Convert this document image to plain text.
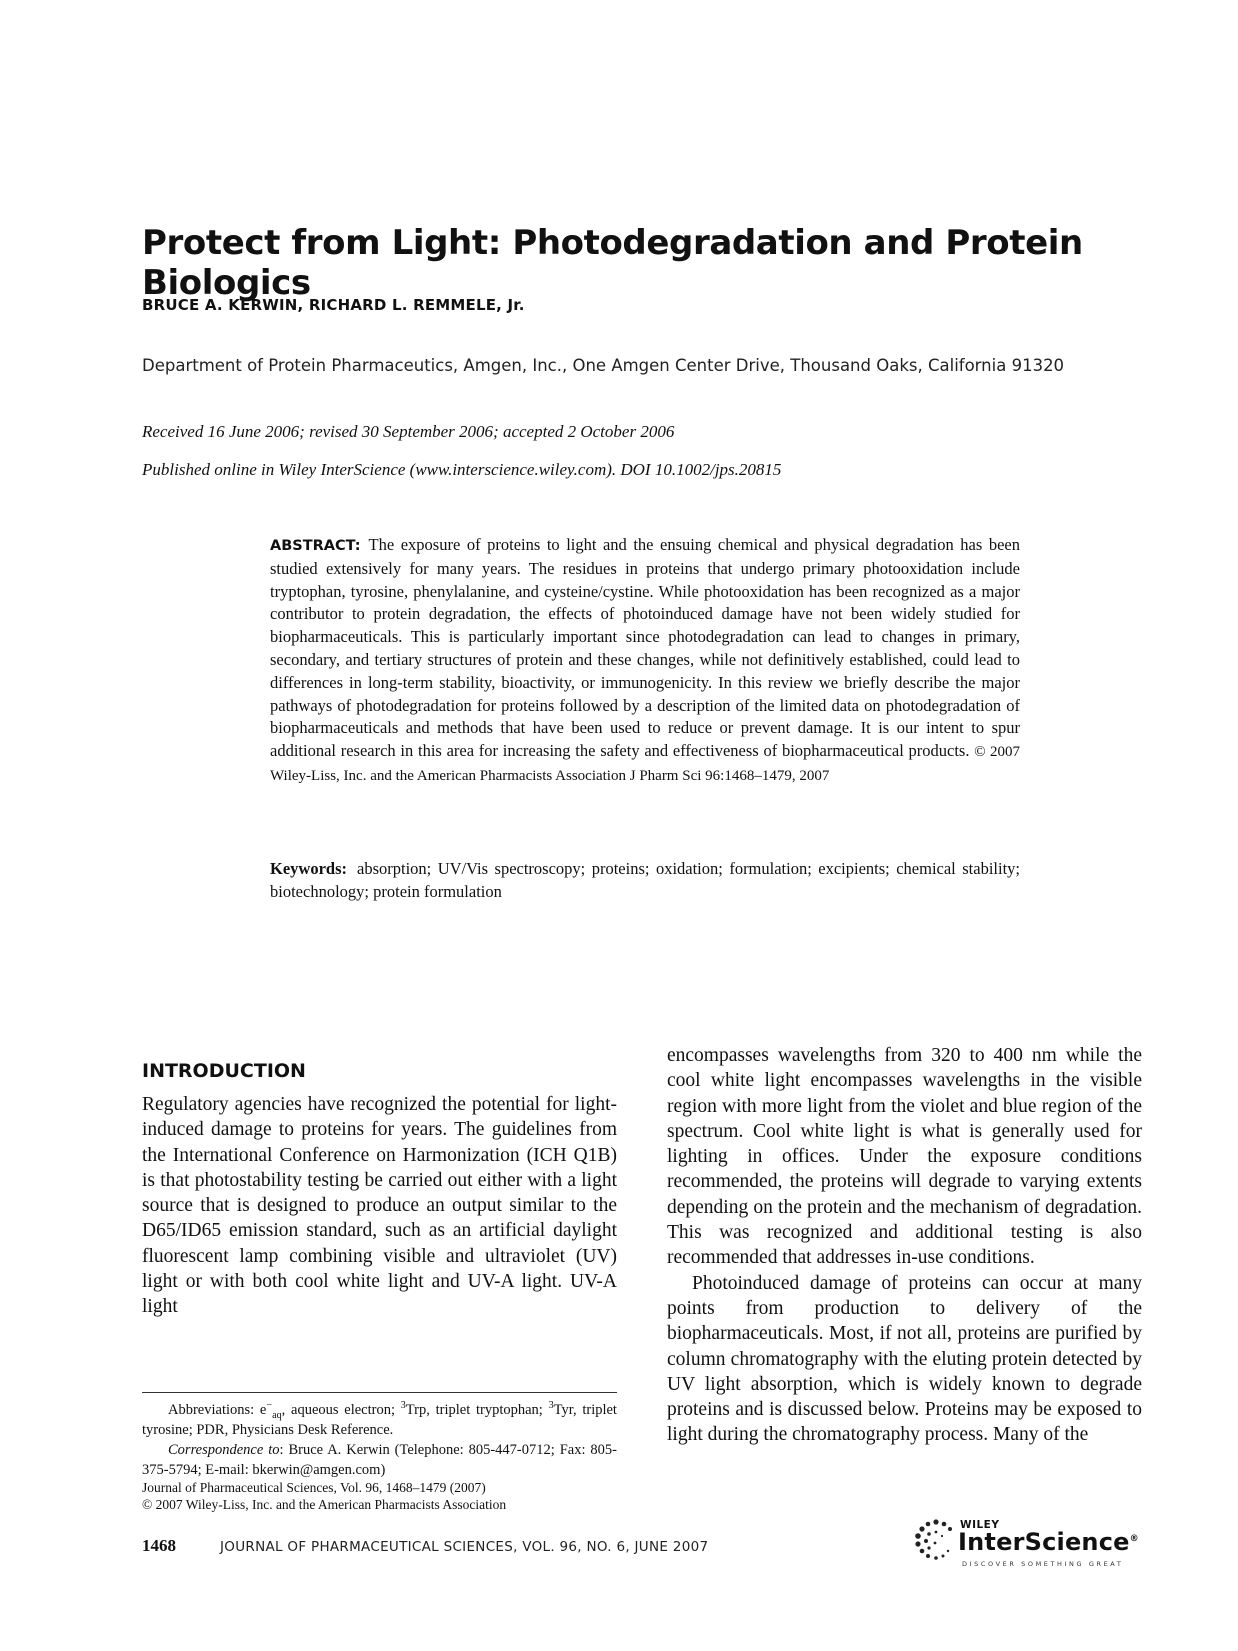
Protect from Light: Photodegradation and Protein Biologics
BRUCE A. KERWIN, RICHARD L. REMMELE, Jr.
Department of Protein Pharmaceutics, Amgen, Inc., One Amgen Center Drive, Thousand Oaks, California 91320
Received 16 June 2006; revised 30 September 2006; accepted 2 October 2006
Published online in Wiley InterScience (www.interscience.wiley.com). DOI 10.1002/jps.20815
ABSTRACT: The exposure of proteins to light and the ensuing chemical and physical degradation has been studied extensively for many years. The residues in proteins that undergo primary photooxidation include tryptophan, tyrosine, phenylalanine, and cysteine/cystine. While photooxidation has been recognized as a major contributor to protein degradation, the effects of photoinduced damage have not been widely studied for biopharmaceuticals. This is particularly important since photodegradation can lead to changes in primary, secondary, and tertiary structures of protein and these changes, while not definitively established, could lead to differences in long-term stability, bioactivity, or immunogenicity. In this review we briefly describe the major pathways of photodegradation for proteins followed by a description of the limited data on photodegradation of biopharmaceuticals and methods that have been used to reduce or prevent damage. It is our intent to spur additional research in this area for increasing the safety and effectiveness of biopharmaceutical products. © 2007 Wiley-Liss, Inc. and the American Pharmacists Association J Pharm Sci 96:1468–1479, 2007
Keywords: absorption; UV/Vis spectroscopy; proteins; oxidation; formulation; excipients; chemical stability; biotechnology; protein formulation
INTRODUCTION

Regulatory agencies have recognized the potential for light-induced damage to proteins for years. The guidelines from the International Conference on Harmonization (ICH Q1B) is that photostability testing be carried out either with a light source that is designed to produce an output similar to the D65/ID65 emission standard, such as an artificial daylight fluorescent lamp combining visible and ultraviolet (UV) light or with both cool white light and UV-A light. UV-A light

encompasses wavelengths from 320 to 400 nm while the cool white light encompasses wavelengths in the visible region with more light from the violet and blue region of the spectrum. Cool white light is what is generally used for lighting in offices. Under the exposure conditions recommended, the proteins will degrade to varying extents depending on the protein and the mechanism of degradation. This was recognized and additional testing is also recommended that addresses in-use conditions.

Photoinduced damage of proteins can occur at many points from production to delivery of the biopharmaceuticals. Most, if not all, proteins are purified by column chromatography with the eluting protein detected by UV light absorption, which is widely known to degrade proteins and is discussed below. Proteins may be exposed to light during the chromatography process. Many of the

Abbreviations: $e^-_{aq}$, aqueous electron; $^3$Trp, triplet tryptophan; $^3$Tyr, triplet tyrosine; PDR, Physicians Desk Reference.

Correspondence to: Bruce A. Kerwin (Telephone: 805-447-0712; Fax: 805-375-5794; E-mail: bkerwin@amgen.com)

Journal of Pharmaceutical Sciences, Vol. 96, 1468–1479 (2007)
© 2007 Wiley-Liss, Inc. and the American Pharmacists Association
1468	JOURNAL OF PHARMACEUTICAL SCIENCES, VOL. 96, NO. 6, JUNE 2007
WILEY
InterScience®
DISCOVER SOMETHING GREAT
